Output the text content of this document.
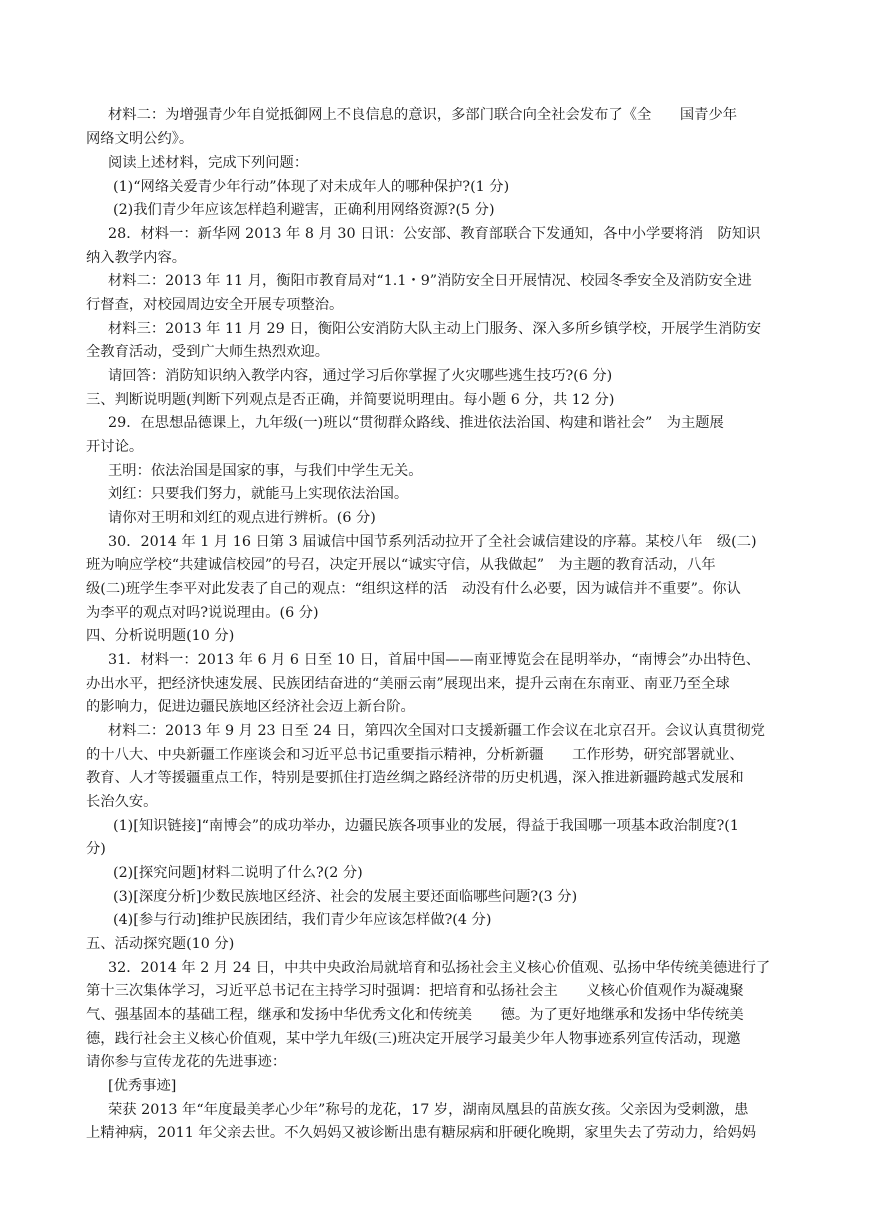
材料二：为增强青少年自觉抵御网上不良信息的意识，多部门联合向全社会发布了《全　　国青少年
网络文明公约》。
阅读上述材料，完成下列问题：
(1)“网络关爱青少年行动”体现了对未成年人的哪种保护?(1 分)
(2)我们青少年应该怎样趋利避害，正确利用网络资源?(5 分)
28．材料一：新华网 2013 年 8 月 30 日讯：公安部、教育部联合下发通知，各中小学要将消　防知识
纳入教学内容。
材料二：2013 年 11 月，衡阳市教育局对“1.1・9”消防安全日开展情况、校园冬季安全及消防安全进
行督查，对校园周边安全开展专项整治。
材料三：2013 年 11 月 29 日，衡阳公安消防大队主动上门服务、深入多所乡镇学校，开展学生消防安
全教育活动，受到广大师生热烈欢迎。
请回答：消防知识纳入教学内容，通过学习后你掌握了火灾哪些逃生技巧?(6 分)
三、判断说明题(判断下列观点是否正确，并简要说明理由。每小题 6 分，共 12 分)
29．在思想品德课上，九年级(一)班以“贯彻群众路线、推进依法治国、构建和谐社会”　为主题展
开讨论。
王明：依法治国是国家的事，与我们中学生无关。
刘红：只要我们努力，就能马上实现依法治国。
请你对王明和刘红的观点进行辨析。(6 分)
30．2014 年 1 月 16 日第 3 届诚信中国节系列活动拉开了全社会诚信建设的序幕。某校八年　级(二)
班为响应学校“共建诚信校园”的号召，决定开展以“诚实守信，从我做起”　为主题的教育活动，八年
级(二)班学生李平对此发表了自己的观点：“组织这样的活　动没有什么必要，因为诚信并不重要”。你认
为李平的观点对吗?说说理由。(6 分)
四、分析说明题(10 分)
31．材料一：2013 年 6 月 6 日至 10 日，首届中国——南亚博览会在昆明举办，“南博会”办出特色、
办出水平，把经济快速发展、民族团结奋进的“美丽云南”展现出来，提升云南在东南亚、南亚乃至全球
的影响力，促进边疆民族地区经济社会迈上新台阶。
材料二：2013 年 9 月 23 日至 24 日，第四次全国对口支援新疆工作会议在北京召开。会议认真贯彻党
的十八大、中央新疆工作座谈会和习近平总书记重要指示精神，分析新疆　　工作形势，研究部署就业、
教育、人才等援疆重点工作，特别是要抓住打造丝绸之路经济带的历史机遇，深入推进新疆跨越式发展和
长治久安。
(1)[知识链接]“南博会”的成功举办，边疆民族各项事业的发展，得益于我国哪一项基本政治制度?(1
分)
(2)[探究问题]材料二说明了什么?(2 分)
(3)[深度分析]少数民族地区经济、社会的发展主要还面临哪些问题?(3 分)
(4)[参与行动]维护民族团结，我们青少年应该怎样做?(4 分)
五、活动探究题(10 分)
32．2014 年 2 月 24 日，中共中央政治局就培育和弘扬社会主义核心价值观、弘扬中华传统美德进行了
第十三次集体学习，习近平总书记在主持学习时强调：把培育和弘扬社会主　　义核心价值观作为凝魂聚
气、强基固本的基础工程，继承和发扬中华优秀文化和传统美　　德。为了更好地继承和发扬中华传统美
德，践行社会主义核心价值观，某中学九年级(三)班决定开展学习最美少年人物事迹系列宣传活动，现邀
请你参与宣传龙花的先进事迹：
[优秀事迹]
荣获 2013 年“年度最美孝心少年”称号的龙花，17 岁，湖南凤凰县的苗族女孩。父亲因为受刺激，患
上精神病，2011 年父亲去世。不久妈妈又被诊断出患有糖尿病和肝硬化晚期，家里失去了劳动力，给妈妈
